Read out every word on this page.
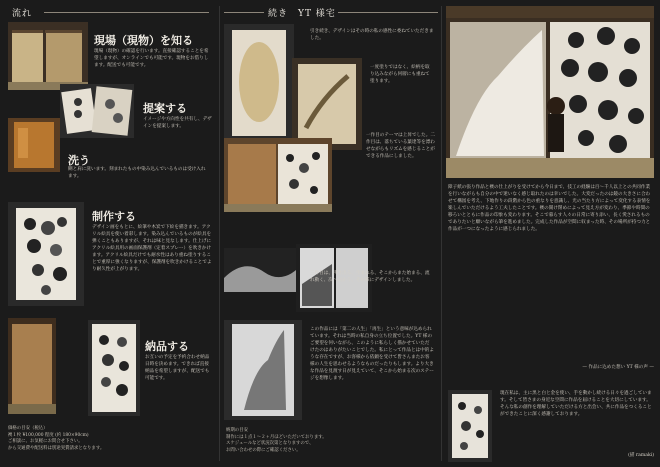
流れ
現場（現物）を知る
現場（現物）の確認を行います。直接確認することを希望しますが、オンラインでも可能です。現物をお借りします。配送でも可能です。
提案する
イメージや方向性を共有し、デザインを提案します。
洗う
糊と肩に洗います。刻まれたもの中染み込んでいるものは受け入れます。
制作する
デザイン画をもとに、絵筆や木炭で下絵を描きます。アクリル絵具を使い着彩します。染み込んでいるものが絵具を弾くこともありますが、それは味と見なします。仕上げにアクリル絵具用の画面保護剤（定着スプレー）を吹きかけます。アクリル絵具だけでも耐水性はあり重ね塗りすることで重厚に強くなりますが、保護剤を吹きかけることでより耐久性が上がります。
納品する
お互いの予定を予約合わせ納品日時を決めます。できれば直接納品を希望しますが、配送でも可能です。
価格の目安（税込）
襖１枚 ¥100,000 程度 (約 180×90cm)
ご相談に、お気軽にお問合せ下さい。
から交通費や配送料は別途実費請求となります。
続き　YT 様宅
引き続き、デザインはその時の私の感性に委ねていただきました。
一度塗りではなく、絵柄を取り込みながら何層にも重ねて塗ります。
一作目のテーマは上昇でした。二作目は、落ちている葉達等を漂わせながらもリズムを感じることができる作品にしました。
三作目は、沸き出る、生まれる、そこからまた始まる、流れ動く、次へ向かう、その様にデザインしました。
この作品には「第二の人生」「再生」という意味が込められています。それは当時の私自身の立ち位置でした。YT 様のご要望を何いながら、このように私らしく描かせていただけたのはありがたいことでした。私にとって作品とは中的ような存在ですが、お客様から依頼を受けて皆さんまたお客様の人生を思わせるようなものだったりもします。より大きな作品を見渡す日が見えていて、そこから始まる次のステージを想像します。
納期の目安
制作には１点１〜２ヶ月ほどいただいております。
スケジュールなど状況次第となりますので、
お問い合わせの際にご確認ください。
障子紙の張り作品と襖の仕上がりを受けてから今日まで、技工の経験は百〜千人以上との共同作業を行いながらも自分の中で迷いなく感じ取れたのは幸いでした。大変だったのは鏡の大きさに合わせて構図を考え、下地作りの段階から色の重なりを意識し、光の当たり方によって変化する表情を楽しんでいただけるよう工夫したことです。襖の開け閉めによって見え方が変わり、季節や時間の移ろいとともに作品の印象も変わります。そこで暮らす人々の日常に寄り添い、長く愛されるものでありたいと願いながら筆を進めました。完成した作品が空間に収まった時、その場所が持つ力と作品が一つになったように感じられました。
— 作品に込めた想い YT 様の声 —
現在私は、主に黒と白と金を使い、手を動かし続ける日々を過ごしています。そして皆さまの身近な空間に作品を届けることを大切にしています。そんな私の創作を理解していただける方と出会い、共に作品をつくることができたことに深く感謝しております。
(描 ramaki)
